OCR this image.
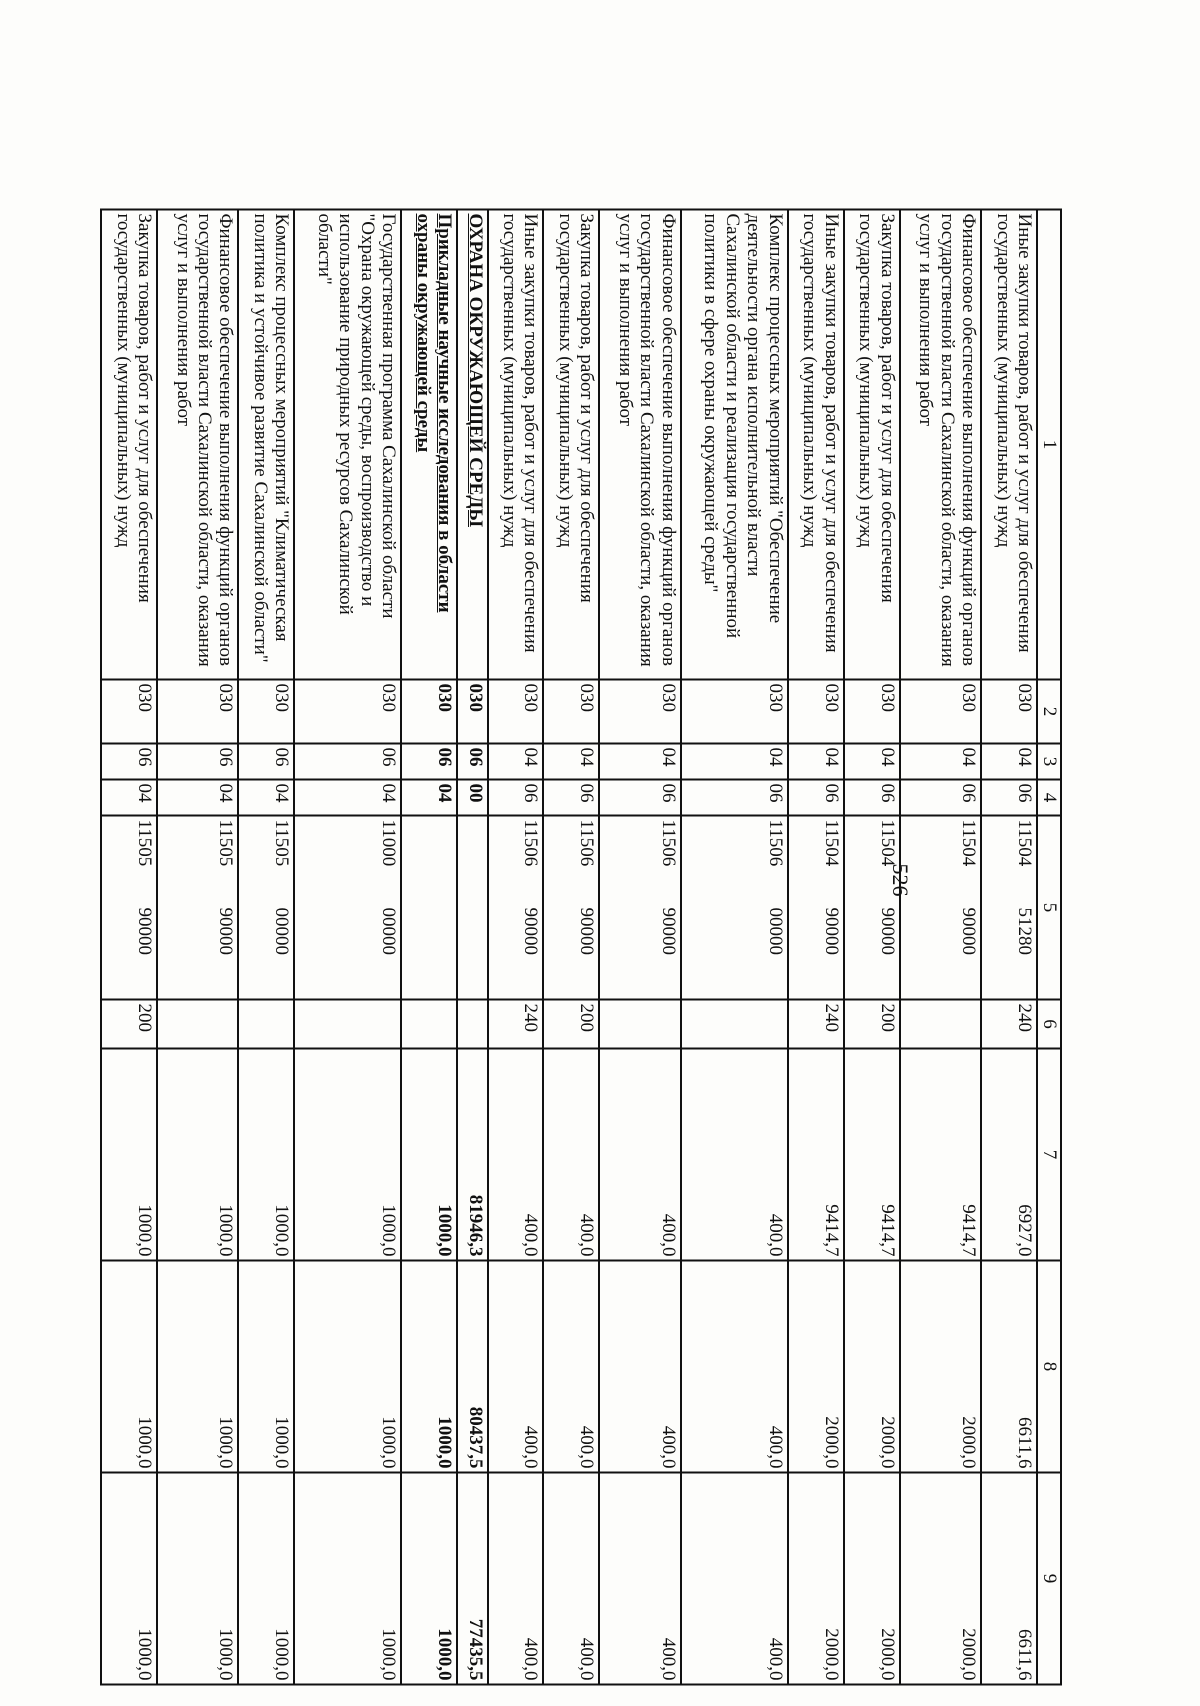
526
1	2	3	4	5	6	7	8	9
Иные закупки товаров, работ и услуг для обеспечения государственных (муниципальных) нужд	030	04	06	1150451280	240	6927,0	6611,6	6611,6
Финансовое обеспечение выполнения функций органов государственной власти Сахалинской области, оказания услуг и выполнения работ	030	04	06	1150490000		9414,7	2000,0	2000,0
Закупка товаров, работ и услуг для обеспечения государственных (муниципальных) нужд	030	04	06	1150490000	200	9414,7	2000,0	2000,0
Иные закупки товаров, работ и услуг для обеспечения государственных (муниципальных) нужд	030	04	06	1150490000	240	9414,7	2000,0	2000,0
Комплекс процессных мероприятий "Обеспечение деятельности органа исполнительной власти Сахалинской области и реализация государственной политики в сфере охраны окружающей среды"	030	04	06	1150600000		400,0	400,0	400,0
Финансовое обеспечение выполнения функций органов государственной власти Сахалинской области, оказания услуг и выполнения работ	030	04	06	1150690000		400,0	400,0	400,0
Закупка товаров, работ и услуг для обеспечения государственных (муниципальных) нужд	030	04	06	1150690000	200	400,0	400,0	400,0
Иные закупки товаров, работ и услуг для обеспечения государственных (муниципальных) нужд	030	04	06	1150690000	240	400,0	400,0	400,0
ОХРАНА ОКРУЖАЮЩЕЙ СРЕДЫ	030	06	00			81946,3	80437,5	77435,5
Прикладные научные исследования в области охраны окружающей среды	030	06	04			1000,0	1000,0	1000,0
Государственная программа Сахалинской области "Охрана окружающей среды, воспроизводство и использование природных ресурсов Сахалинской области"	030	06	04	1100000000		1000,0	1000,0	1000,0
Комплекс процессных мероприятий "Климатическая политика и устойчивое развитие Сахалинской области"	030	06	04	1150500000		1000,0	1000,0	1000,0
Финансовое обеспечение выполнения функций органов государственной власти Сахалинской области, оказания услуг и выполнения работ	030	06	04	1150590000		1000,0	1000,0	1000,0
Закупка товаров, работ и услуг для обеспечения государственных (муниципальных) нужд	030	06	04	1150590000	200	1000,0	1000,0	1000,0
